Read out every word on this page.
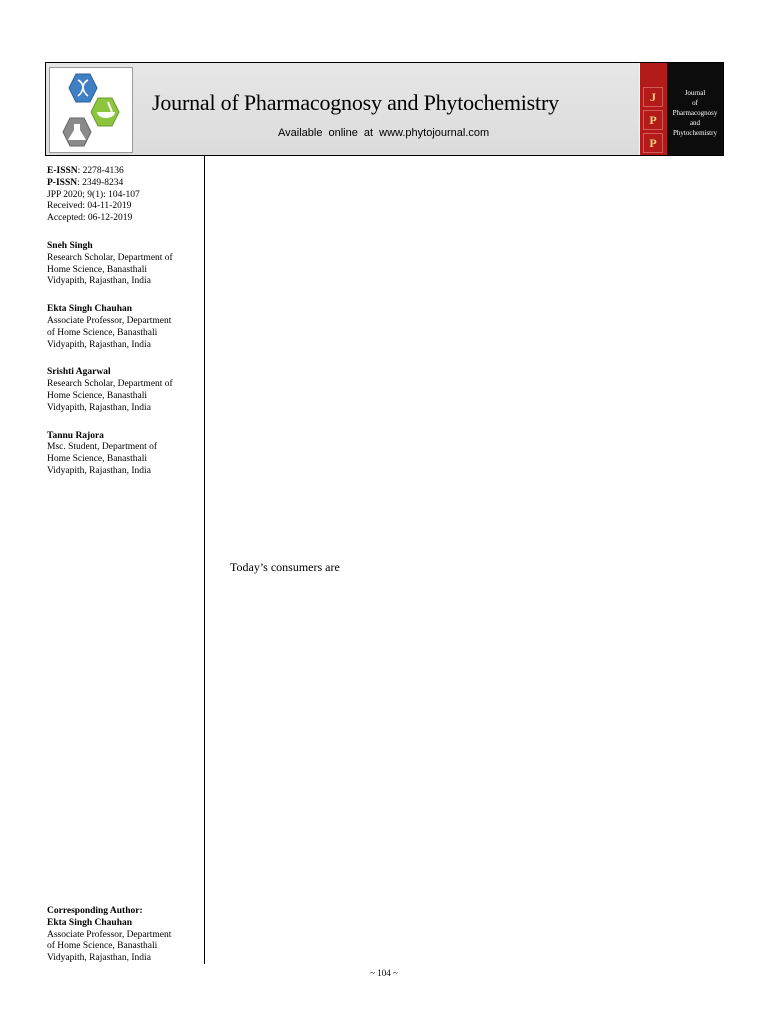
Journal of Pharmacognosy and Phytochemistry
Available online at www.phytojournal.com
J
P
P
Journal
of
Pharmacognosy
and
Phytochemistry
E-ISSN: 2278-4136
P-ISSN: 2349-8234
JPP 2020; 9(1): 104-107
Received: 04-11-2019
Accepted: 06-12-2019
Sneh Singh
Research Scholar, Department of
Home Science, Banasthali
Vidyapith, Rajasthan, India
Ekta Singh Chauhan
Associate Professor, Department
of Home Science, Banasthali
Vidyapith, Rajasthan, India
Srishti Agarwal
Research Scholar, Department of
Home Science, Banasthali
Vidyapith, Rajasthan, India
Tannu Rajora
Msc. Student, Department of
Home Science, Banasthali
Vidyapith, Rajasthan, India
Corresponding Author:
Ekta Singh Chauhan
Associate Professor, Department
of Home Science, Banasthali
Vidyapith, Rajasthan, India
Today’s consumers are
~ 104 ~
